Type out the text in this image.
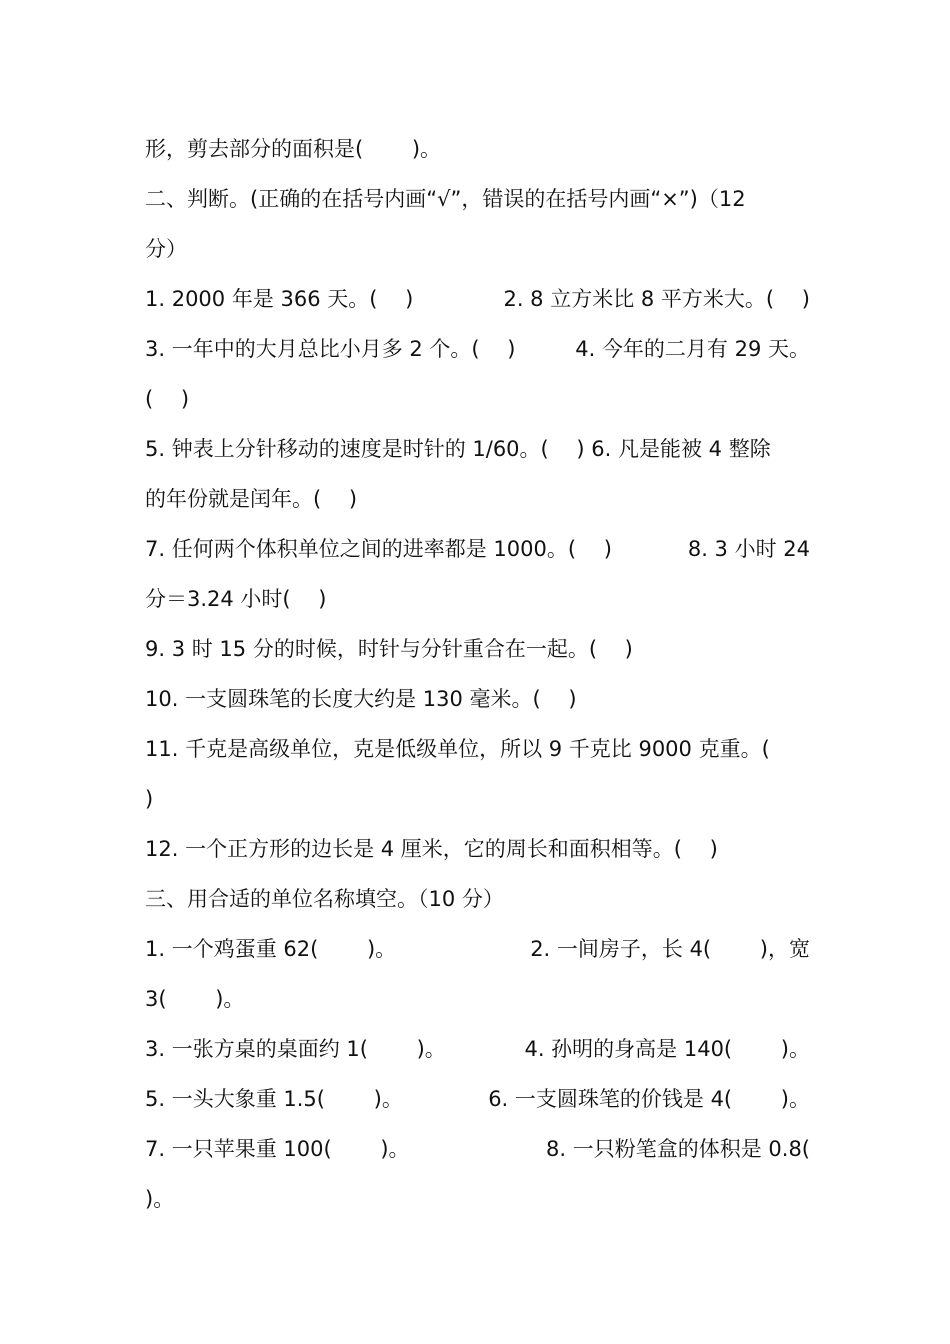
形，剪去部分的面积是(　　 )。
二、判断。(正确的在括号内画“√”，错误的在括号内画“×”)（12
分）
1. 2000 年是 366 天。(　 )	2. 8 立方米比 8 平方米大。(　 )
3. 一年中的大月总比小月多 2 个。(　 )	4. 今年的二月有 29 天。
(　 )
5. 钟表上分针移动的速度是时针的 1/60。(　 ) 6. 凡是能被 4 整除
的年份就是闰年。(　 )
7. 任何两个体积单位之间的进率都是 1000。(　 )	8. 3 小时 24
分＝3.24 小时(　 )
9. 3 时 15 分的时候，时针与分针重合在一起。(　 )
10. 一支圆珠笔的长度大约是 130 毫米。(　 )
11. 千克是高级单位，克是低级单位，所以 9 千克比 9000 克重。(
)
12. 一个正方形的边长是 4 厘米，它的周长和面积相等。(　 )
三、用合适的单位名称填空。（10 分）
1. 一个鸡蛋重 62(　　 )。	2. 一间房子，长 4(　　 )，宽
3(　　 )。
3. 一张方桌的桌面约 1(　　 )。	4. 孙明的身高是 140(　　 )。
5. 一头大象重 1.5(　　 )。	6. 一支圆珠笔的价钱是 4(　　 )。
7. 一只苹果重 100(　　 )。	8. 一只粉笔盒的体积是 0.8(
)。
